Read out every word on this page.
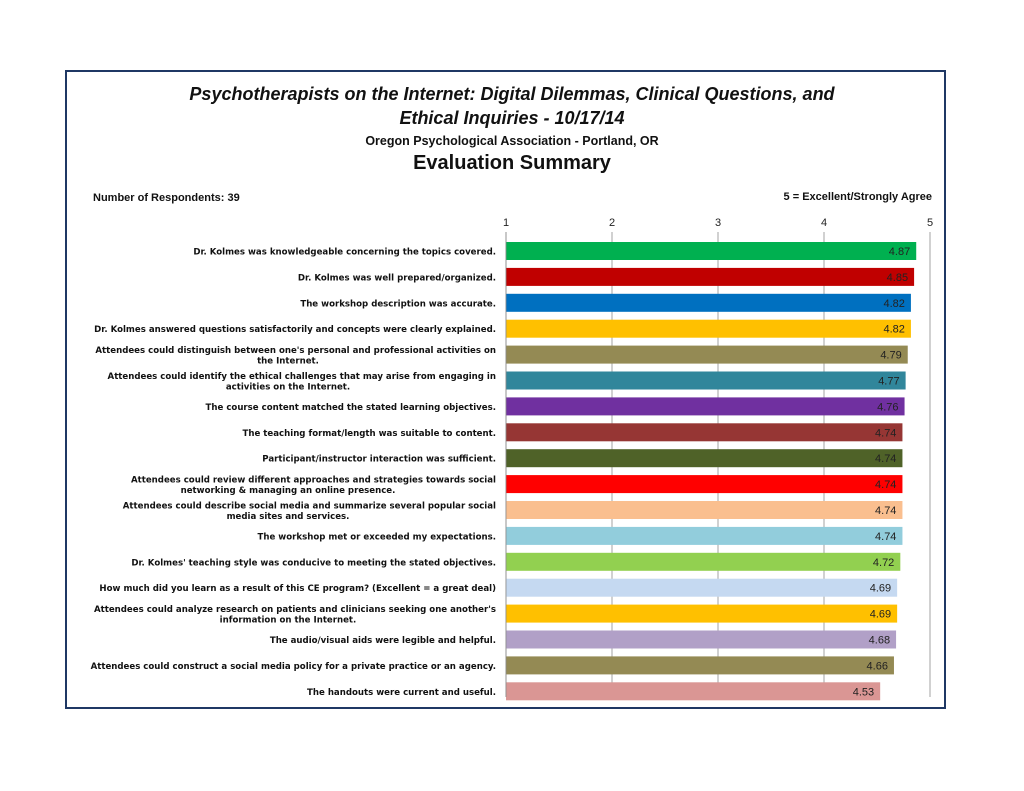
Psychotherapists on the Internet: Digital Dilemmas, Clinical Questions, and
Ethical Inquiries - 10/17/14
Oregon Psychological Association - Portland, OR
Evaluation Summary
Number of Respondents: 39	5 = Excellent/Strongly Agree
1	2	3	4	5
4.87
Dr. Kolmes was knowledgeable concerning the topics covered.
4.85
Dr. Kolmes was well prepared/organized.
4.82
The workshop description was accurate.
4.82
Dr. Kolmes answered questions satisfactorily and concepts were clearly explained.
4.79
Attendees could distinguish between one's personal and professional activities on
the Internet.
4.77
Attendees could identify the ethical challenges that may arise from engaging in
activities on the Internet.
4.76
The course content matched the stated learning objectives.
4.74
The teaching format/length was suitable to content.
4.74
Participant/instructor interaction was sufficient.
4.74
Attendees could review different approaches and strategies towards social
networking & managing an online presence.
4.74
Attendees could describe social media and summarize several popular social
media sites and services.
4.74
The workshop met or exceeded my expectations.
4.72
Dr. Kolmes' teaching style was conducive to meeting the stated objectives.
4.69
How much did you learn as a result of this CE program? (Excellent = a great deal)
4.69
Attendees could analyze research on patients and clinicians seeking one another's
information on the Internet.
4.68
The audio/visual aids were legible and helpful.
4.66
Attendees could construct a social media policy for a private practice or an agency.
4.53
The handouts were current and useful.
